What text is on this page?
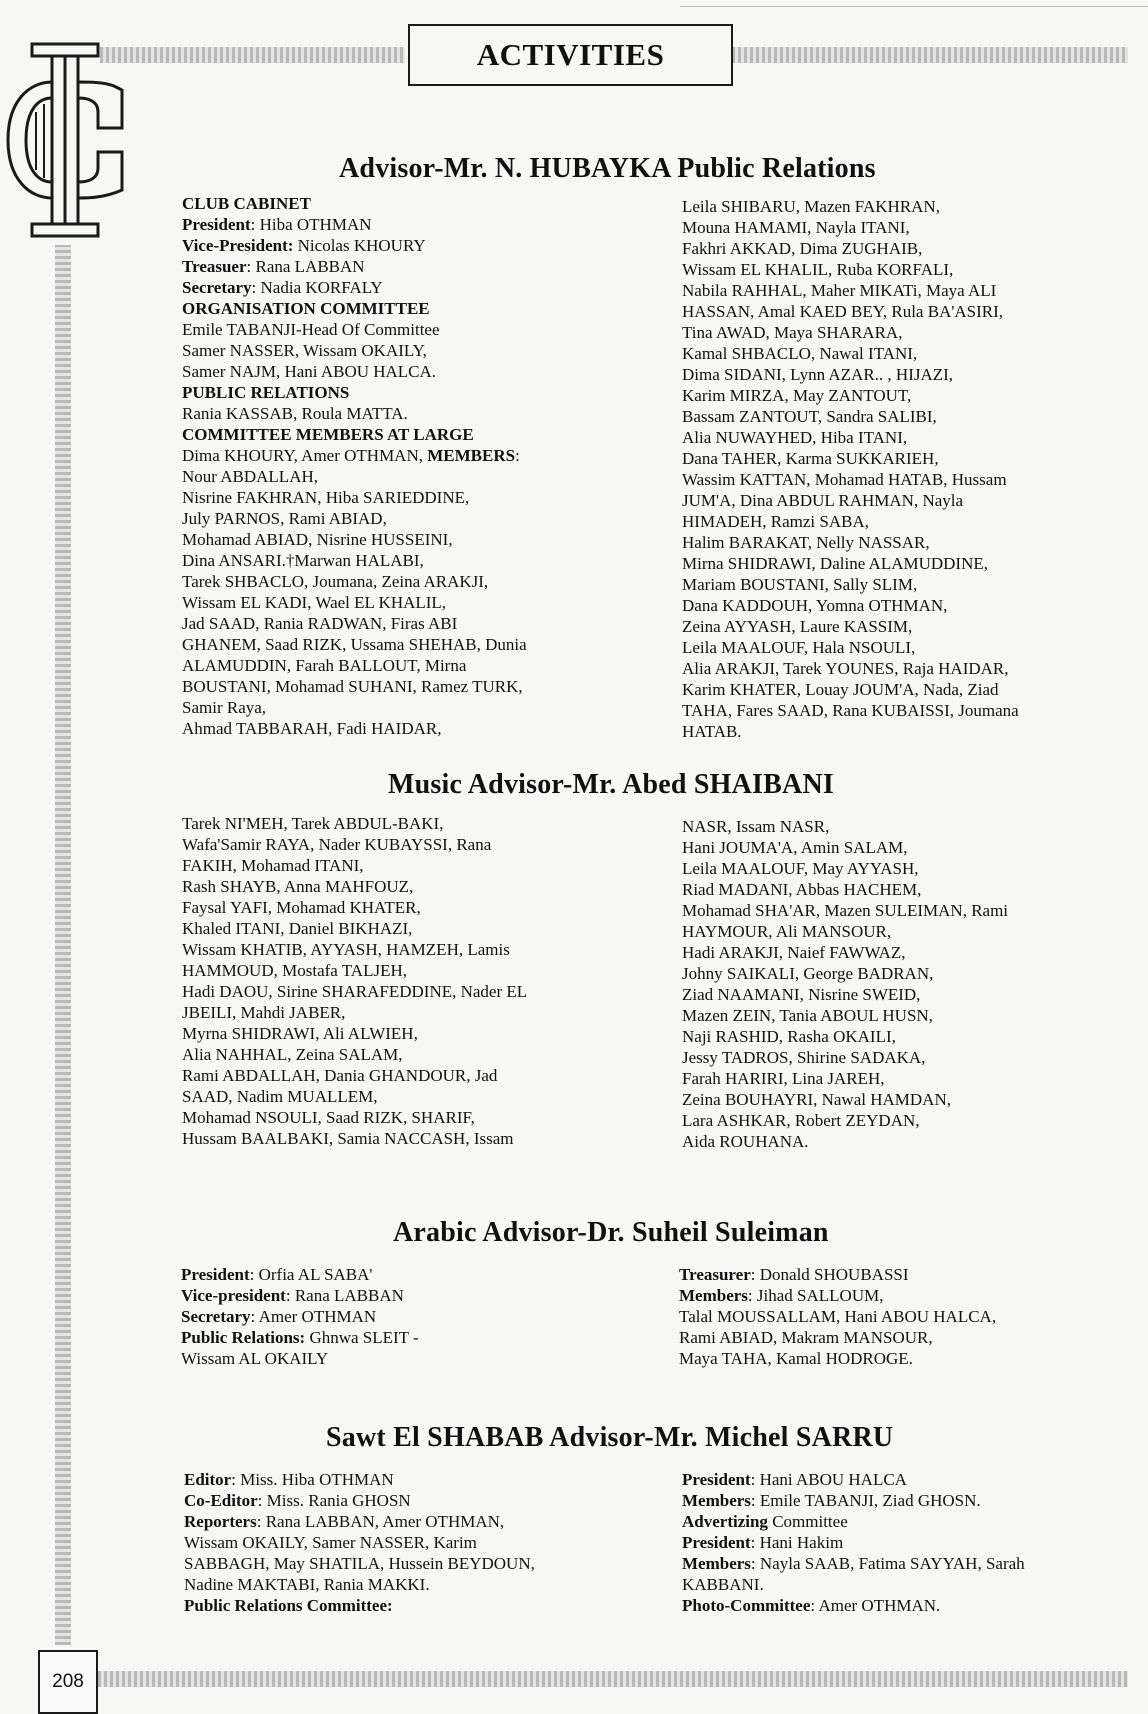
ACTIVITIES
208
Advisor-Mr. N. HUBAYKA Public Relations
CLUB CABINET
President: Hiba OTHMAN
Vice-President: Nicolas KHOURY
Treasuer: Rana LABBAN
Secretary: Nadia KORFALY
ORGANISATION COMMITTEE
Emile TABANJI-Head Of Committee
Samer NASSER, Wissam OKAILY,
Samer NAJM, Hani ABOU HALCA.
PUBLIC RELATIONS
Rania KASSAB, Roula MATTA.
COMMITTEE MEMBERS AT LARGE
Dima KHOURY, Amer OTHMAN, MEMBERS:
Nour ABDALLAH,
Nisrine FAKHRAN, Hiba SARIEDDINE,
July PARNOS, Rami ABIAD,
Mohamad ABIAD, Nisrine HUSSEINI,
Dina ANSARI.†Marwan HALABI,
Tarek SHBACLO, Joumana, Zeina ARAKJI,
Wissam EL KADI, Wael EL KHALIL,
Jad SAAD, Rania RADWAN, Firas ABI
GHANEM, Saad RIZK, Ussama SHEHAB, Dunia
ALAMUDDIN, Farah BALLOUT, Mirna
BOUSTANI, Mohamad SUHANI, Ramez TURK,
Samir Raya,
Ahmad TABBARAH, Fadi HAIDAR,
Leila SHIBARU, Mazen FAKHRAN,
Mouna HAMAMI, Nayla ITANI,
Fakhri AKKAD, Dima ZUGHAIB,
Wissam EL KHALIL, Ruba KORFALI,
Nabila RAHHAL, Maher MIKATi, Maya ALI
HASSAN, Amal KAED BEY, Rula BA'ASIRI,
Tina AWAD, Maya SHARARA,
Kamal SHBACLO, Nawal ITANI,
Dima SIDANI, Lynn AZAR.. , HIJAZI,
Karim MIRZA, May ZANTOUT,
Bassam ZANTOUT, Sandra SALIBI,
Alia NUWAYHED, Hiba ITANI,
Dana TAHER, Karma SUKKARIEH,
Wassim KATTAN, Mohamad HATAB, Hussam
JUM'A, Dina ABDUL RAHMAN, Nayla
HIMADEH, Ramzi SABA,
Halim BARAKAT, Nelly NASSAR,
Mirna SHIDRAWI, Daline ALAMUDDINE,
Mariam BOUSTANI, Sally SLIM,
Dana KADDOUH, Yomna OTHMAN,
Zeina AYYASH, Laure KASSIM,
Leila MAALOUF, Hala NSOULI,
Alia ARAKJI, Tarek YOUNES, Raja HAIDAR,
Karim KHATER, Louay JOUM'A, Nada, Ziad
TAHA, Fares SAAD, Rana KUBAISSI, Joumana
HATAB.
Music Advisor-Mr. Abed SHAIBANI
Tarek NI'MEH, Tarek ABDUL-BAKI,
Wafa'Samir RAYA, Nader KUBAYSSI, Rana
FAKIH, Mohamad ITANI,
Rash SHAYB, Anna MAHFOUZ,
Faysal YAFI, Mohamad KHATER,
Khaled ITANI, Daniel BIKHAZI,
Wissam KHATIB, AYYASH, HAMZEH, Lamis
HAMMOUD, Mostafa TALJEH,
Hadi DAOU, Sirine SHARAFEDDINE, Nader EL
JBEILI, Mahdi JABER,
Myrna SHIDRAWI, Ali ALWIEH,
Alia NAHHAL, Zeina SALAM,
Rami ABDALLAH, Dania GHANDOUR, Jad
SAAD, Nadim MUALLEM,
Mohamad NSOULI, Saad RIZK, SHARIF,
Hussam BAALBAKI, Samia NACCASH, Issam
NASR, Issam NASR,
Hani JOUMA'A, Amin SALAM,
Leila MAALOUF, May AYYASH,
Riad MADANI, Abbas HACHEM,
Mohamad SHA'AR, Mazen SULEIMAN, Rami
HAYMOUR, Ali MANSOUR,
Hadi ARAKJI, Naief FAWWAZ,
Johny SAIKALI, George BADRAN,
Ziad NAAMANI, Nisrine SWEID,
Mazen ZEIN, Tania ABOUL HUSN,
Naji RASHID, Rasha OKAILI,
Jessy TADROS, Shirine SADAKA,
Farah HARIRI, Lina JAREH,
Zeina BOUHAYRI, Nawal HAMDAN,
Lara ASHKAR, Robert ZEYDAN,
Aida ROUHANA.
Arabic Advisor-Dr. Suheil Suleiman
President: Orfia AL SABA'
Vice-president: Rana LABBAN
Secretary: Amer OTHMAN
Public Relations: Ghnwa SLEIT -
Wissam AL OKAILY
Treasurer: Donald SHOUBASSI
Members: Jihad SALLOUM,
Talal MOUSSALLAM, Hani ABOU HALCA,
Rami ABIAD, Makram MANSOUR,
Maya TAHA, Kamal HODROGE.
Sawt El SHABAB Advisor-Mr. Michel SARRU
Editor: Miss. Hiba OTHMAN
Co-Editor: Miss. Rania GHOSN
Reporters: Rana LABBAN, Amer OTHMAN,
Wissam OKAILY, Samer NASSER, Karim
SABBAGH, May SHATILA, Hussein BEYDOUN,
Nadine MAKTABI, Rania MAKKI.
Public Relations Committee:
President: Hani ABOU HALCA
Members: Emile TABANJI, Ziad GHOSN.
Advertizing Committee
President: Hani Hakim
Members: Nayla SAAB, Fatima SAYYAH, Sarah
KABBANI.
Photo-Committee: Amer OTHMAN.
